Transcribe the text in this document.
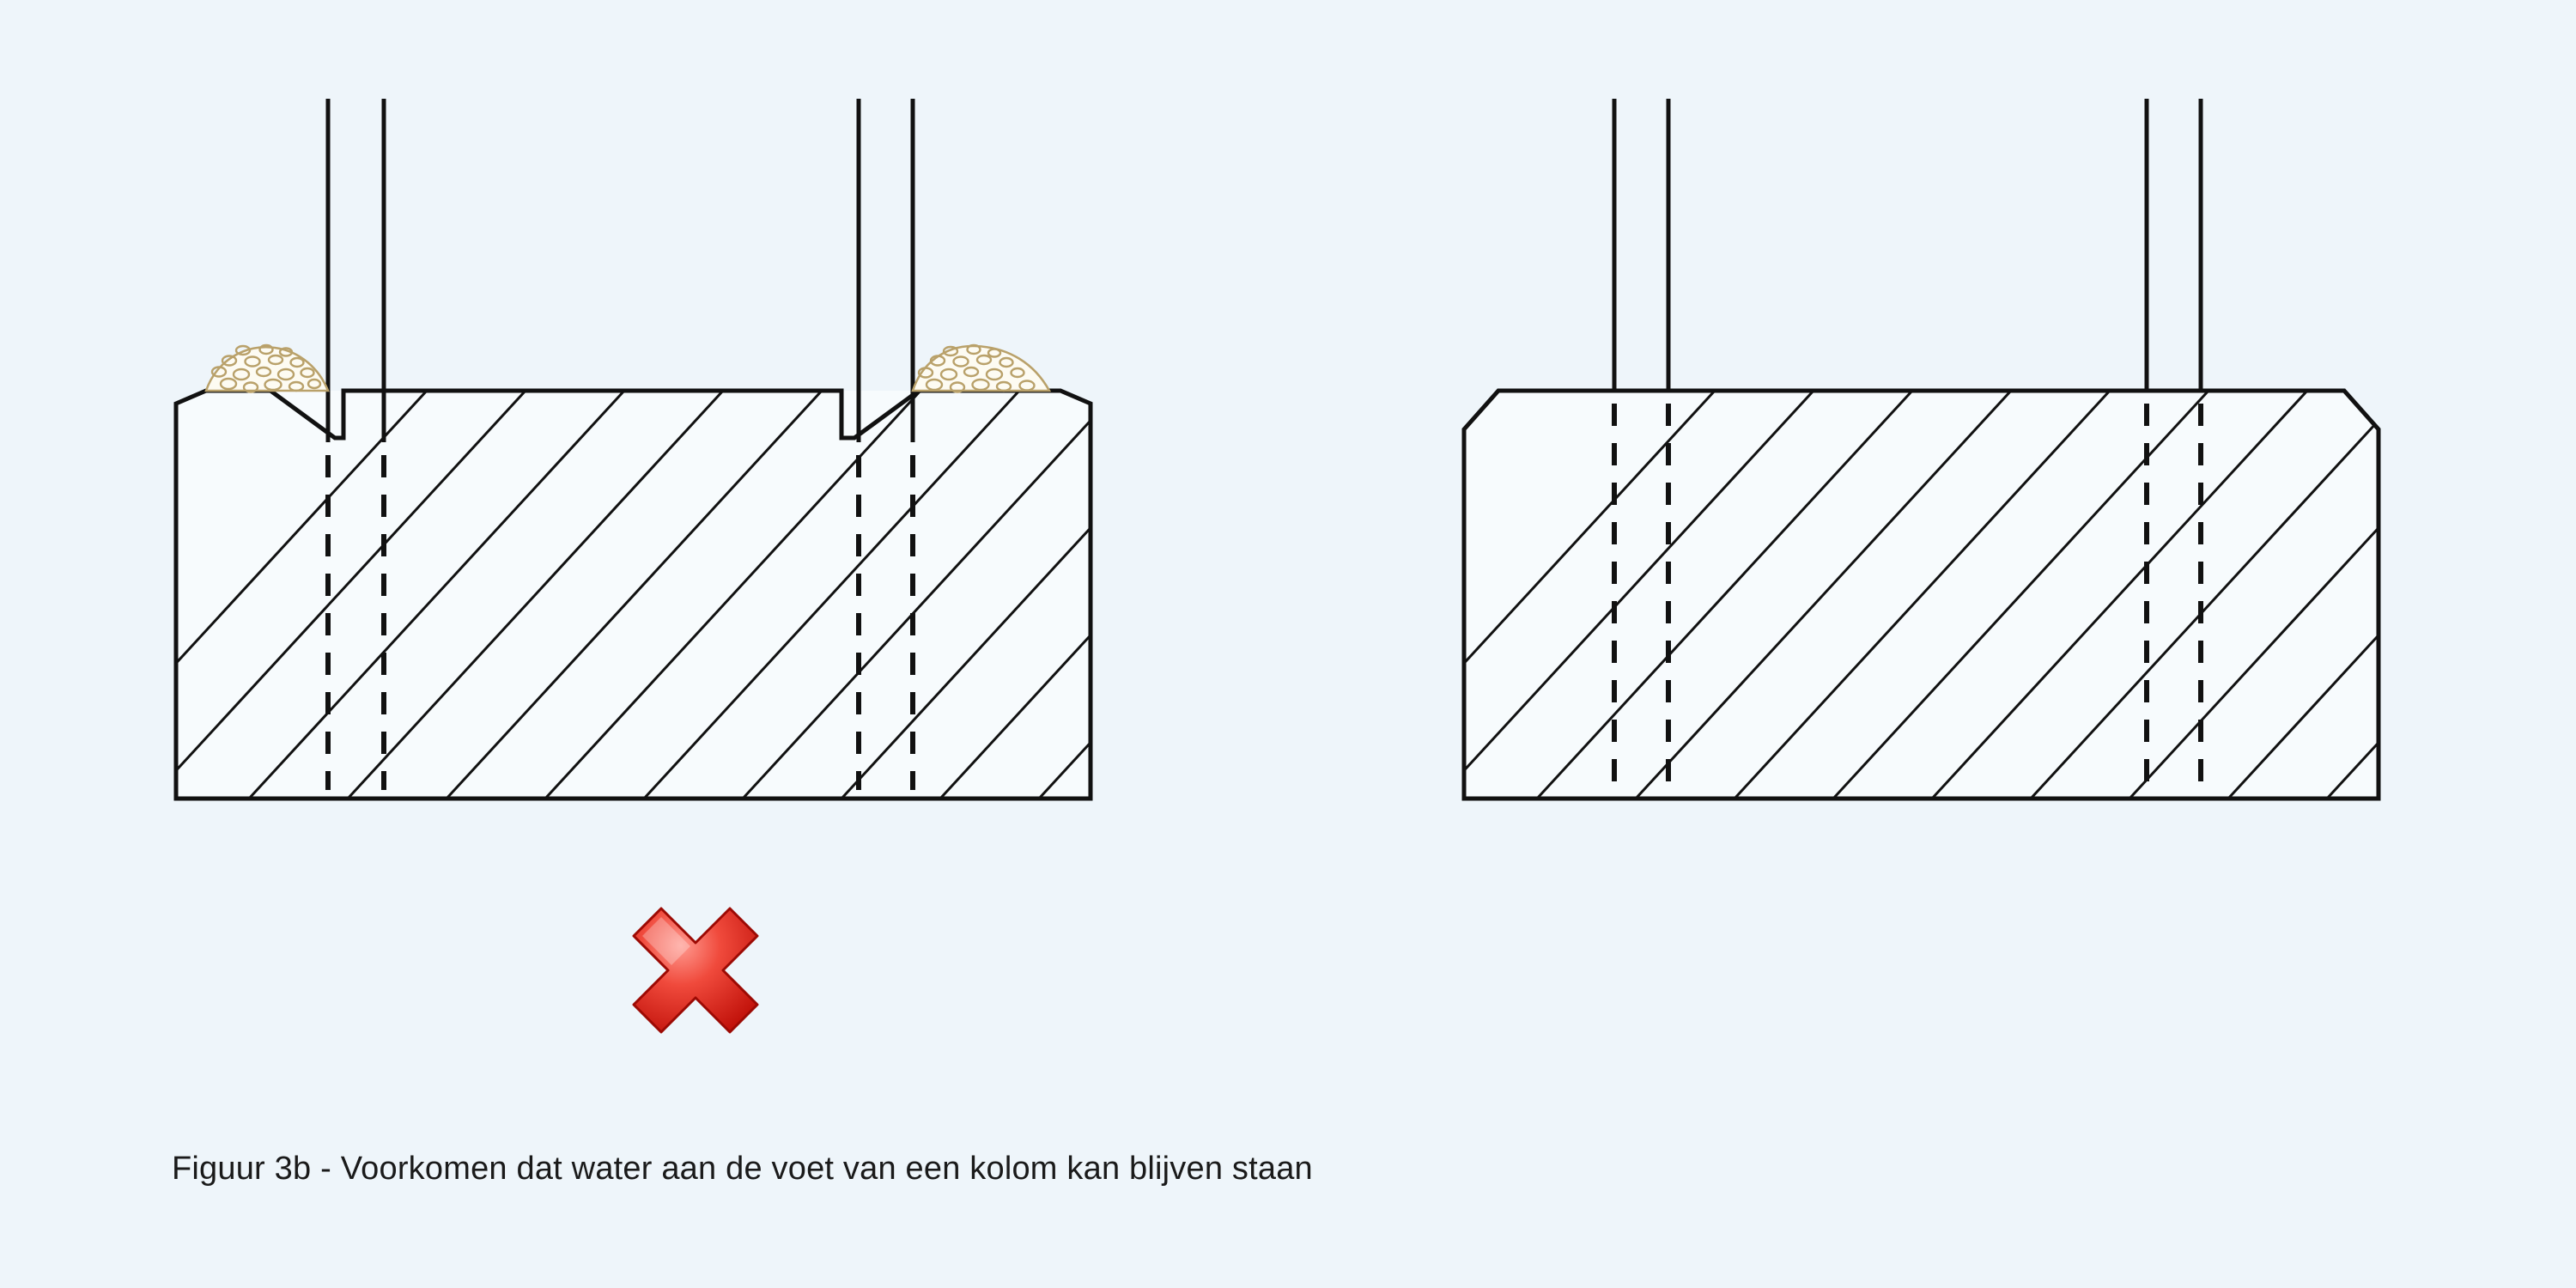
Figuur 3b - Voorkomen dat water aan de voet van een kolom kan blijven staan
